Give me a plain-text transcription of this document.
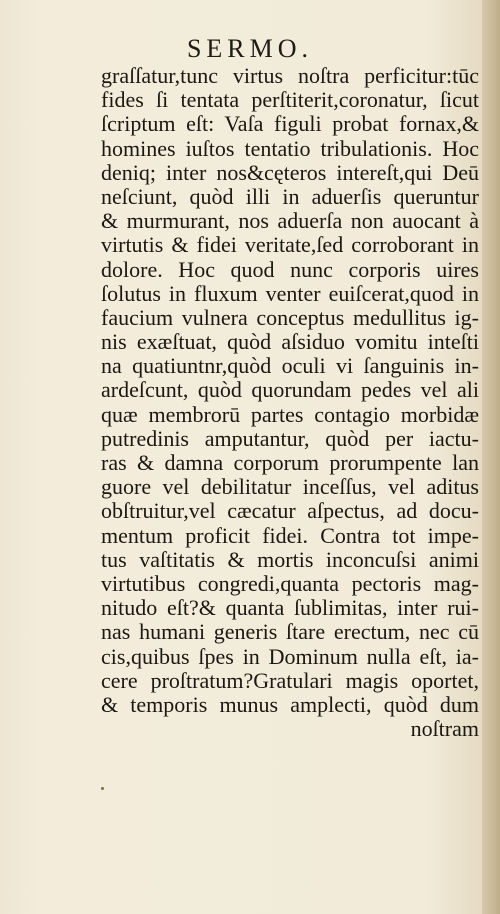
SERMO.
graſſatur,tunc virtus noſtra perficitur:tūc
fides ſi tentata perſtiterit,coronatur, ſicut
ſcriptum eſt: Vaſa figuli probat fornax,&
homines iuſtos tentatio tribulationis. Hoc
deniq; inter nos&cęteros intereſt,qui Deū
neſciunt, quòd illi in aduerſis queruntur
& murmurant, nos aduerſa non auocant à
virtutis & fidei veritate,ſed corroborant in
dolore. Hoc quod nunc corporis uires
ſolutus in fluxum venter euiſcerat,quod in
faucium vulnera conceptus medullitus ig-
nis exæſtuat, quòd aſsiduo vomitu inteſti
na quatiuntnr,quòd oculi vi ſanguinis in-
ardeſcunt, quòd quorundam pedes vel ali
quæ membrorū partes contagio morbidæ
putredinis amputantur, quòd per iactu-
ras & damna corporum prorumpente lan
guore vel debilitatur inceſſus, vel aditus
obſtruitur,vel cæcatur aſpectus, ad docu-
mentum proficit fidei. Contra tot impe-
tus vaſtitatis & mortis inconcuſsi animi
virtutibus congredi,quanta pectoris mag-
nitudo eſt?& quanta ſublimitas, inter rui-
nas humani generis ſtare erectum, nec cū
cis,quibus ſpes in Dominum nulla eſt, ia-
cere proſtratum?Gratulari magis oportet,
& temporis munus amplecti, quòd dum
noſtram
